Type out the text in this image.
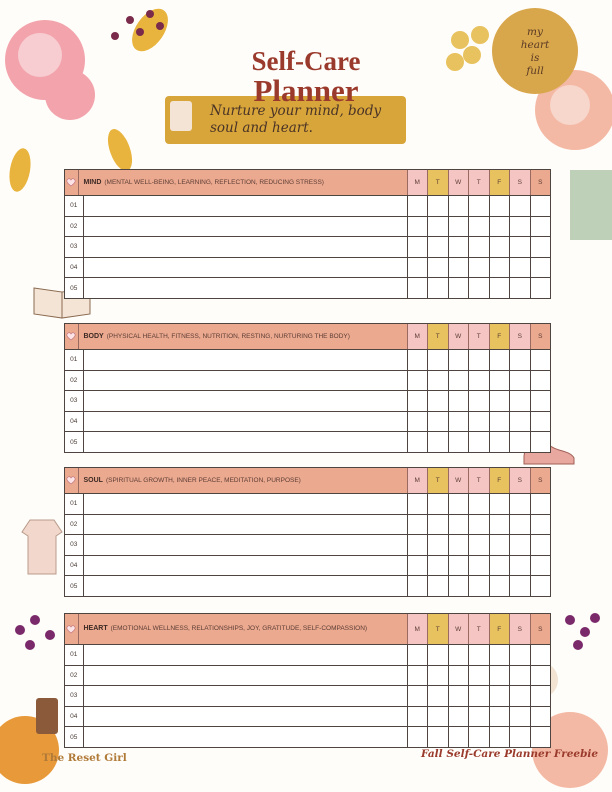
my
heart
is
full
Self-Care
Planner
Nurture your mind, body soul and heart.
MIND (MENTAL WELL-BEING, LEARNING, REFLECTION, REDUCING STRESS)	M	T	W	T	F	S	S
01
02
03
04
05
BODY (PHYSICAL HEALTH, FITNESS, NUTRITION, RESTING, NURTURING THE BODY)	M	T	W	T	F	S	S
01
02
03
04
05
SOUL (SPIRITUAL GROWTH, INNER PEACE, MEDITATION, PURPOSE)	M	T	W	T	F	S	S
01
02
03
04
05
HEART (EMOTIONAL WELLNESS, RELATIONSHIPS, JOY, GRATITUDE, SELF-COMPASSION)	M	T	W	T	F	S	S
01
02
03
04
05
The Reset Girl	Fall Self-Care Planner Freebie
